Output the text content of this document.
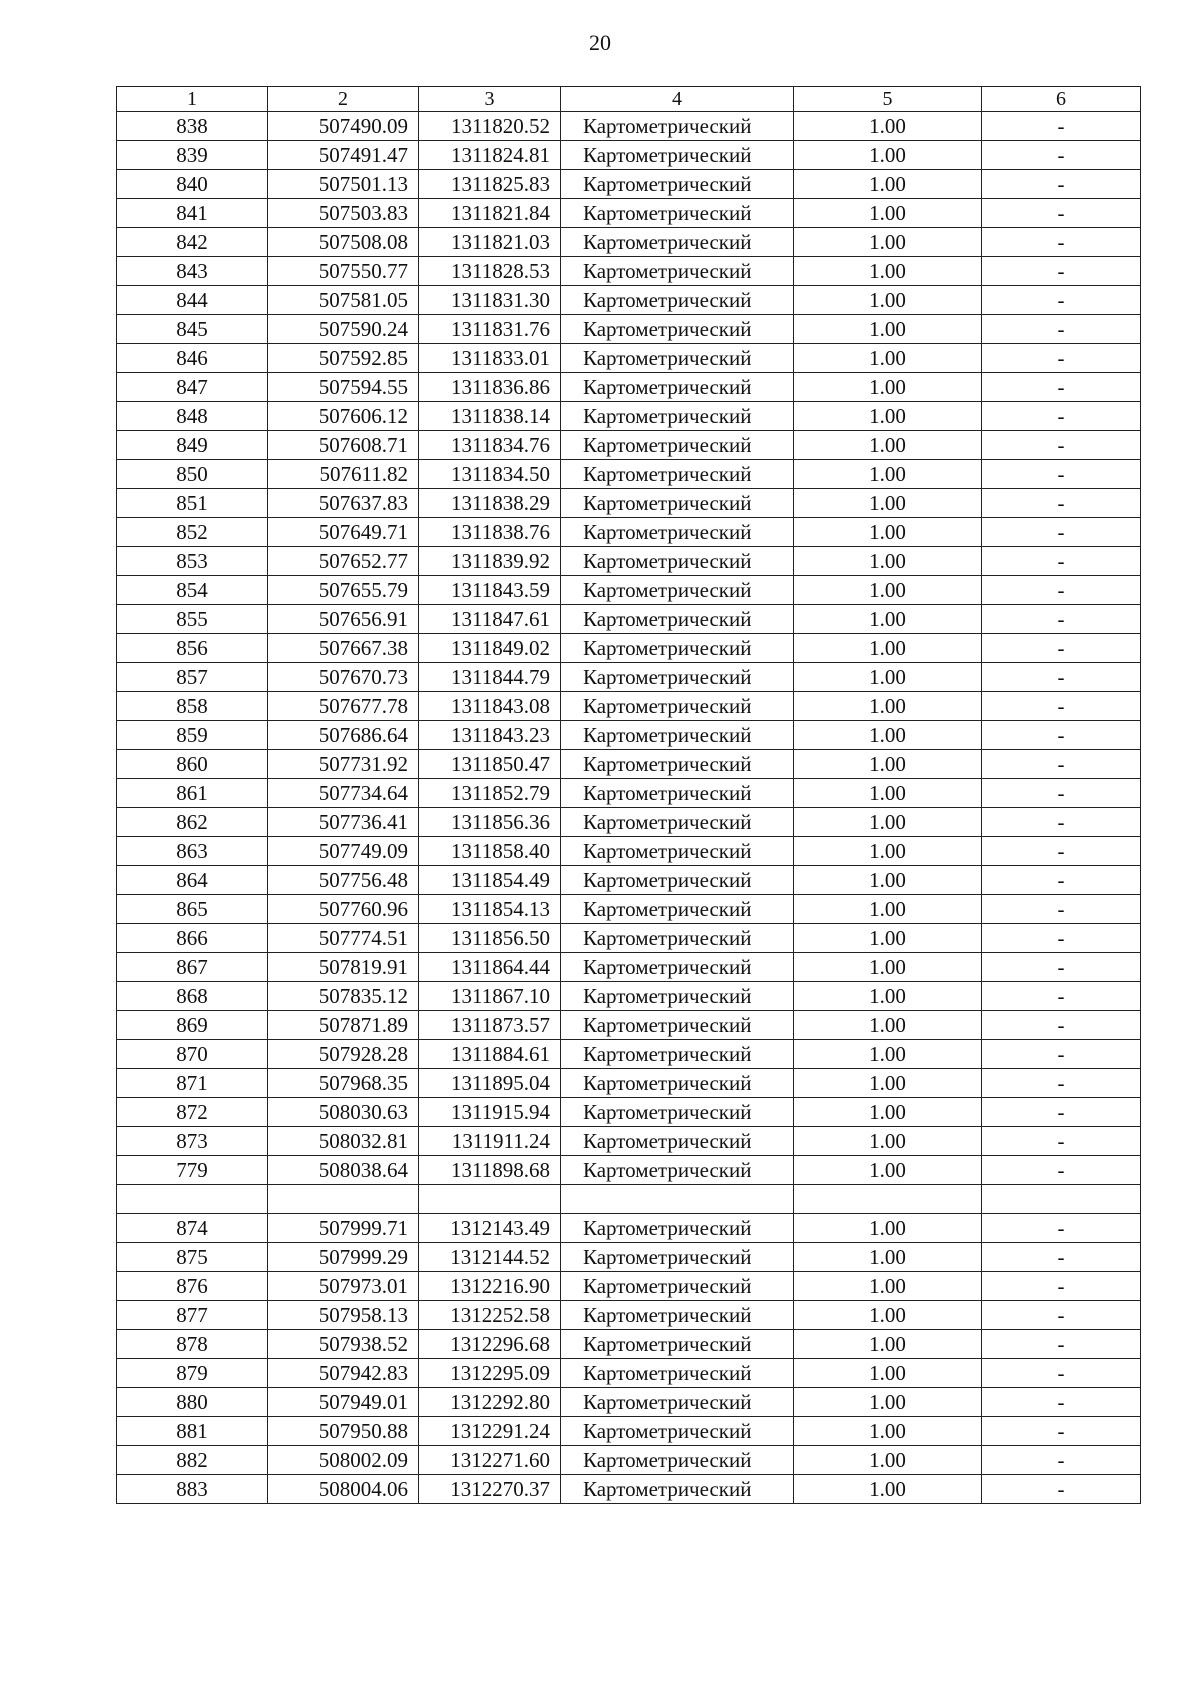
20
1	2	3	4	5	6
838	507490.09	1311820.52	Картометрический	1.00	-
839	507491.47	1311824.81	Картометрический	1.00	-
840	507501.13	1311825.83	Картометрический	1.00	-
841	507503.83	1311821.84	Картометрический	1.00	-
842	507508.08	1311821.03	Картометрический	1.00	-
843	507550.77	1311828.53	Картометрический	1.00	-
844	507581.05	1311831.30	Картометрический	1.00	-
845	507590.24	1311831.76	Картометрический	1.00	-
846	507592.85	1311833.01	Картометрический	1.00	-
847	507594.55	1311836.86	Картометрический	1.00	-
848	507606.12	1311838.14	Картометрический	1.00	-
849	507608.71	1311834.76	Картометрический	1.00	-
850	507611.82	1311834.50	Картометрический	1.00	-
851	507637.83	1311838.29	Картометрический	1.00	-
852	507649.71	1311838.76	Картометрический	1.00	-
853	507652.77	1311839.92	Картометрический	1.00	-
854	507655.79	1311843.59	Картометрический	1.00	-
855	507656.91	1311847.61	Картометрический	1.00	-
856	507667.38	1311849.02	Картометрический	1.00	-
857	507670.73	1311844.79	Картометрический	1.00	-
858	507677.78	1311843.08	Картометрический	1.00	-
859	507686.64	1311843.23	Картометрический	1.00	-
860	507731.92	1311850.47	Картометрический	1.00	-
861	507734.64	1311852.79	Картометрический	1.00	-
862	507736.41	1311856.36	Картометрический	1.00	-
863	507749.09	1311858.40	Картометрический	1.00	-
864	507756.48	1311854.49	Картометрический	1.00	-
865	507760.96	1311854.13	Картометрический	1.00	-
866	507774.51	1311856.50	Картометрический	1.00	-
867	507819.91	1311864.44	Картометрический	1.00	-
868	507835.12	1311867.10	Картометрический	1.00	-
869	507871.89	1311873.57	Картометрический	1.00	-
870	507928.28	1311884.61	Картометрический	1.00	-
871	507968.35	1311895.04	Картометрический	1.00	-
872	508030.63	1311915.94	Картометрический	1.00	-
873	508032.81	1311911.24	Картометрический	1.00	-
779	508038.64	1311898.68	Картометрический	1.00	-

874	507999.71	1312143.49	Картометрический	1.00	-
875	507999.29	1312144.52	Картометрический	1.00	-
876	507973.01	1312216.90	Картометрический	1.00	-
877	507958.13	1312252.58	Картометрический	1.00	-
878	507938.52	1312296.68	Картометрический	1.00	-
879	507942.83	1312295.09	Картометрический	1.00	-
880	507949.01	1312292.80	Картометрический	1.00	-
881	507950.88	1312291.24	Картометрический	1.00	-
882	508002.09	1312271.60	Картометрический	1.00	-
883	508004.06	1312270.37	Картометрический	1.00	-
